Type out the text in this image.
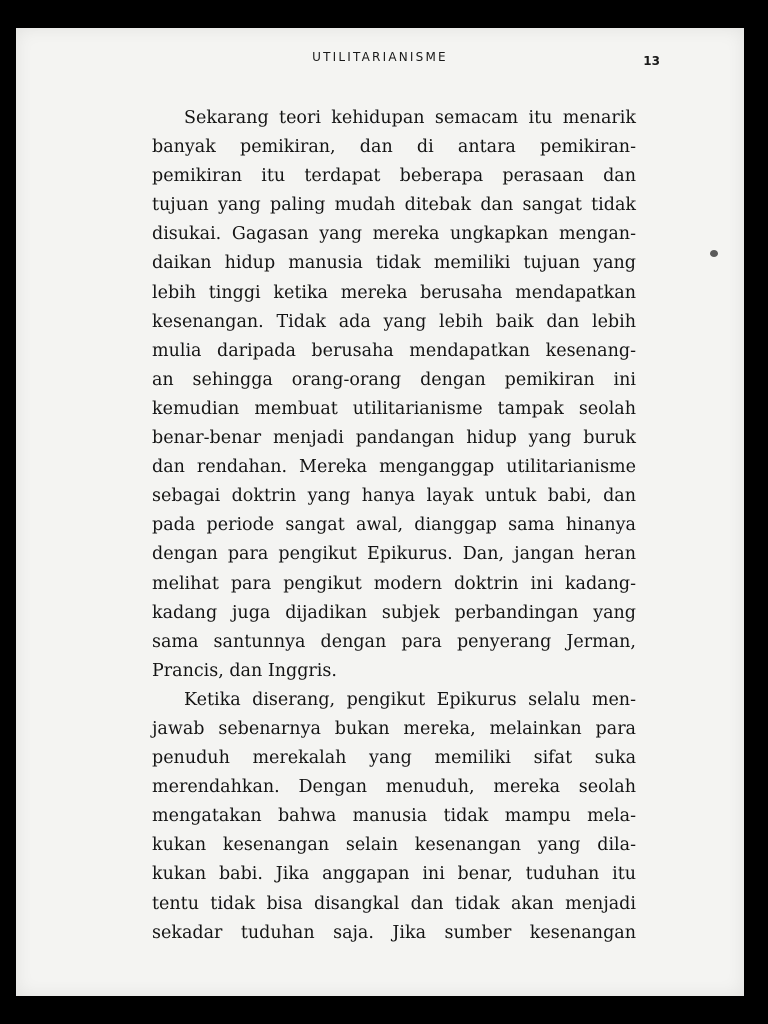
UTILITARIANISME	13
Sekarang teori kehidupan semacam itu menarik
banyak pemikiran, dan di antara pemikiran-
pemikiran itu terdapat beberapa perasaan dan
tujuan yang paling mudah ditebak dan sangat tidak
disukai. Gagasan yang mereka ungkapkan mengan-
daikan hidup manusia tidak memiliki tujuan yang
lebih tinggi ketika mereka berusaha mendapatkan
kesenangan. Tidak ada yang lebih baik dan lebih
mulia daripada berusaha mendapatkan kesenang-
an sehingga orang-orang dengan pemikiran ini
kemudian membuat utilitarianisme tampak seolah
benar-benar menjadi pandangan hidup yang buruk
dan rendahan. Mereka menganggap utilitarianisme
sebagai doktrin yang hanya layak untuk babi, dan
pada periode sangat awal, dianggap sama hinanya
dengan para pengikut Epikurus. Dan, jangan heran
melihat para pengikut modern doktrin ini kadang-
kadang juga dijadikan subjek perbandingan yang
sama santunnya dengan para penyerang Jerman,
Prancis, dan Inggris.
Ketika diserang, pengikut Epikurus selalu men-
jawab sebenarnya bukan mereka, melainkan para
penuduh merekalah yang memiliki sifat suka
merendahkan. Dengan menuduh, mereka seolah
mengatakan bahwa manusia tidak mampu mela-
kukan kesenangan selain kesenangan yang dila-
kukan babi. Jika anggapan ini benar, tuduhan itu
tentu tidak bisa disangkal dan tidak akan menjadi
sekadar tuduhan saja. Jika sumber kesenangan
